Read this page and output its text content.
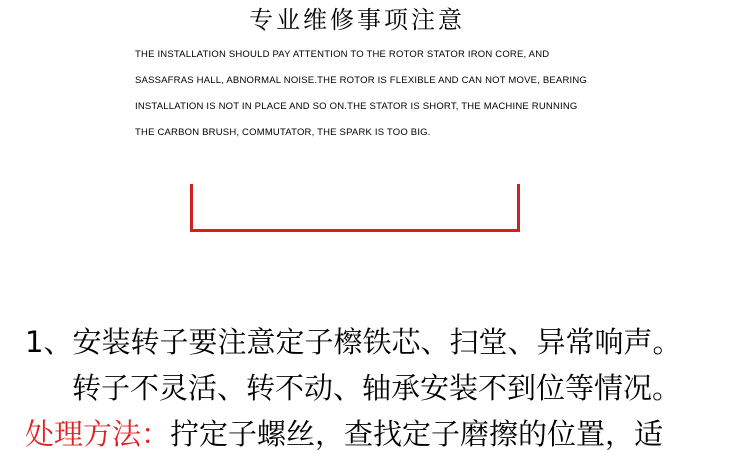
专业维修事项注意

THE INSTALLATION SHOULD PAY ATTENTION TO THE ROTOR STATOR IRON CORE, AND SASSAFRAS HALL, ABNORMAL NOISE.THE ROTOR IS FLEXIBLE AND CAN NOT MOVE, BEARING INSTALLATION IS NOT IN PLACE AND SO ON.THE STATOR IS SHORT, THE MACHINE RUNNING THE CARBON BRUSH, COMMUTATOR, THE SPARK IS TOO BIG.

1、安装转子要注意定子檫铁芯、扫堂、异常响声。
转子不灵活、转不动、轴承安装不到位等情况。
处理方法：拧定子螺丝，查找定子磨擦的位置，适
